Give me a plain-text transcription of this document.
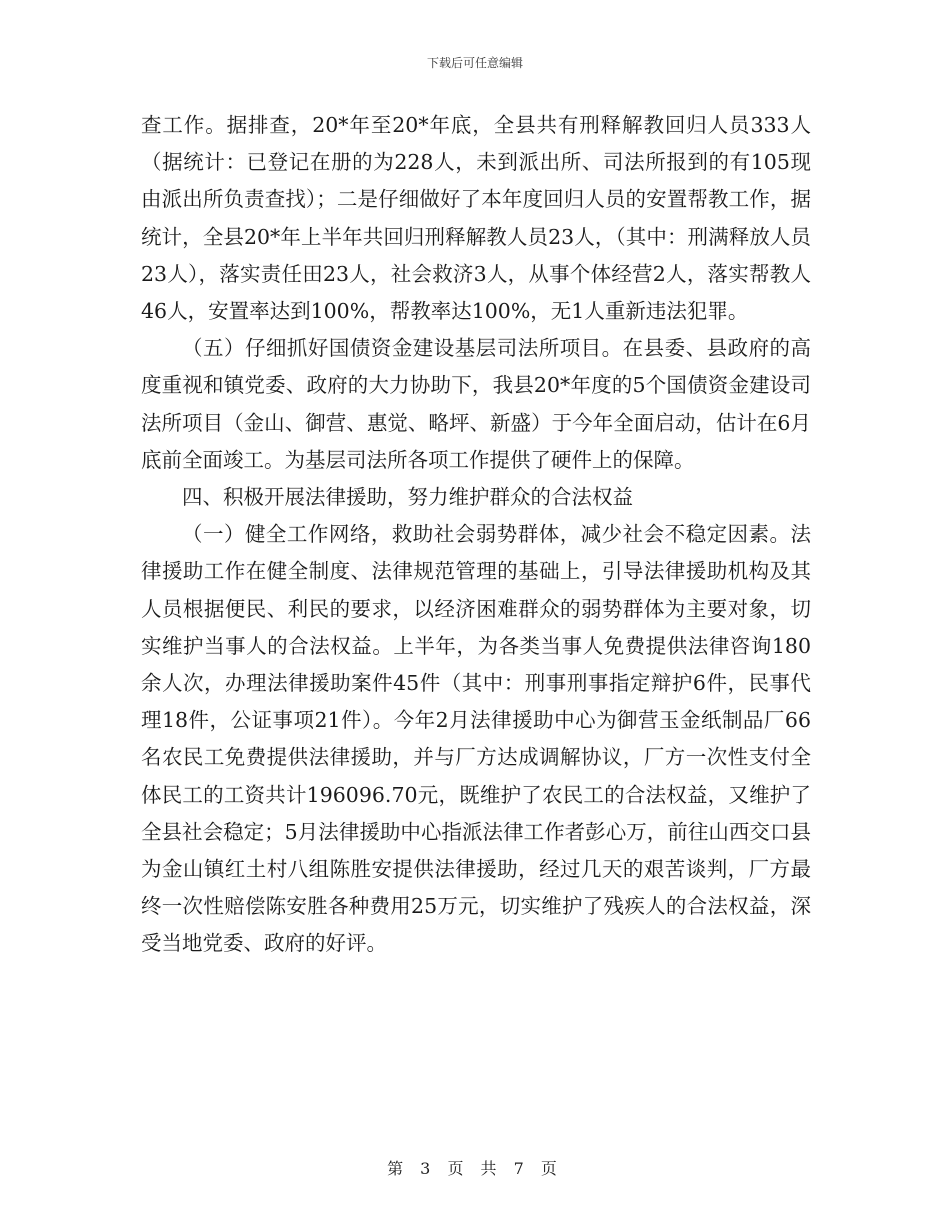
下载后可任意编辑

查工作。据排查，20*年至20*年底，全县共有刑释解教回归人员333人（据统计：已登记在册的为228人，未到派出所、司法所报到的有105现由派出所负责查找）；二是仔细做好了本年度回归人员的安置帮教工作，据统计，全县20*年上半年共回归刑释解教人员23人，（其中：刑满释放人员23人），落实责任田23人，社会救济3人，从事个体经营2人，落实帮教人46人，安置率达到100%，帮教率达100%，无1人重新违法犯罪。

（五）仔细抓好国债资金建设基层司法所项目。在县委、县政府的高度重视和镇党委、政府的大力协助下，我县20*年度的5个国债资金建设司法所项目（金山、御营、惠觉、略坪、新盛）于今年全面启动，估计在6月底前全面竣工。为基层司法所各项工作提供了硬件上的保障。

四、积极开展法律援助，努力维护群众的合法权益

（一）健全工作网络，救助社会弱势群体，减少社会不稳定因素。法律援助工作在健全制度、法律规范管理的基础上，引导法律援助机构及其人员根据便民、利民的要求，以经济困难群众的弱势群体为主要对象，切实维护当事人的合法权益。上半年，为各类当事人免费提供法律咨询180余人次，办理法律援助案件45件（其中：刑事刑事指定辩护6件，民事代理18件，公证事项21件）。今年2月法律援助中心为御营玉金纸制品厂66名农民工免费提供法律援助，并与厂方达成调解协议，厂方一次性支付全体民工的工资共计196096.70元，既维护了农民工的合法权益，又维护了全县社会稳定；5月法律援助中心指派法律工作者彭心万，前往山西交口县为金山镇红土村八组陈胜安提供法律援助，经过几天的艰苦谈判，厂方最终一次性赔偿陈安胜各种费用25万元，切实维护了残疾人的合法权益，深受当地党委、政府的好评。

第 3 页 共 7 页
